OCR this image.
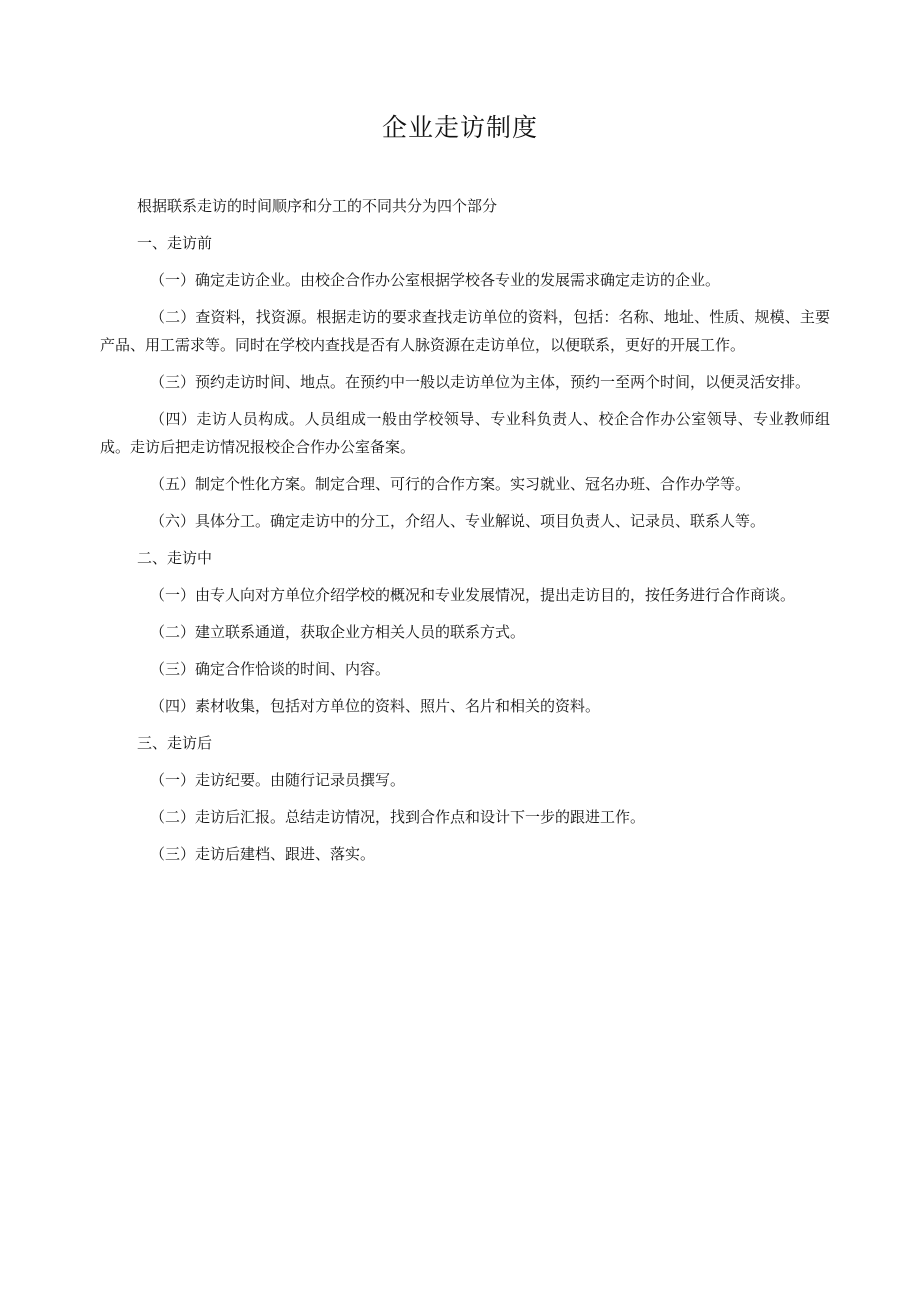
企业走访制度

根据联系走访的时间顺序和分工的不同共分为四个部分

一、走访前

（一）确定走访企业。由校企合作办公室根据学校各专业的发展需求确定走访的企业。

（二）查资料，找资源。根据走访的要求查找走访单位的资料，包括：名称、地址、性质、规模、主要产品、用工需求等。同时在学校内查找是否有人脉资源在走访单位，以便联系，更好的开展工作。

（三）预约走访时间、地点。在预约中一般以走访单位为主体，预约一至两个时间，以便灵活安排。

（四）走访人员构成。人员组成一般由学校领导、专业科负责人、校企合作办公室领导、专业教师组成。走访后把走访情况报校企合作办公室备案。

（五）制定个性化方案。制定合理、可行的合作方案。实习就业、冠名办班、合作办学等。

（六）具体分工。确定走访中的分工，介绍人、专业解说、项目负责人、记录员、联系人等。

二、走访中

（一）由专人向对方单位介绍学校的概况和专业发展情况，提出走访目的，按任务进行合作商谈。

（二）建立联系通道，获取企业方相关人员的联系方式。

（三）确定合作恰谈的时间、内容。

（四）素材收集，包括对方单位的资料、照片、名片和相关的资料。

三、走访后

（一）走访纪要。由随行记录员撰写。

（二）走访后汇报。总结走访情况，找到合作点和设计下一步的跟进工作。

（三）走访后建档、跟进、落实。
